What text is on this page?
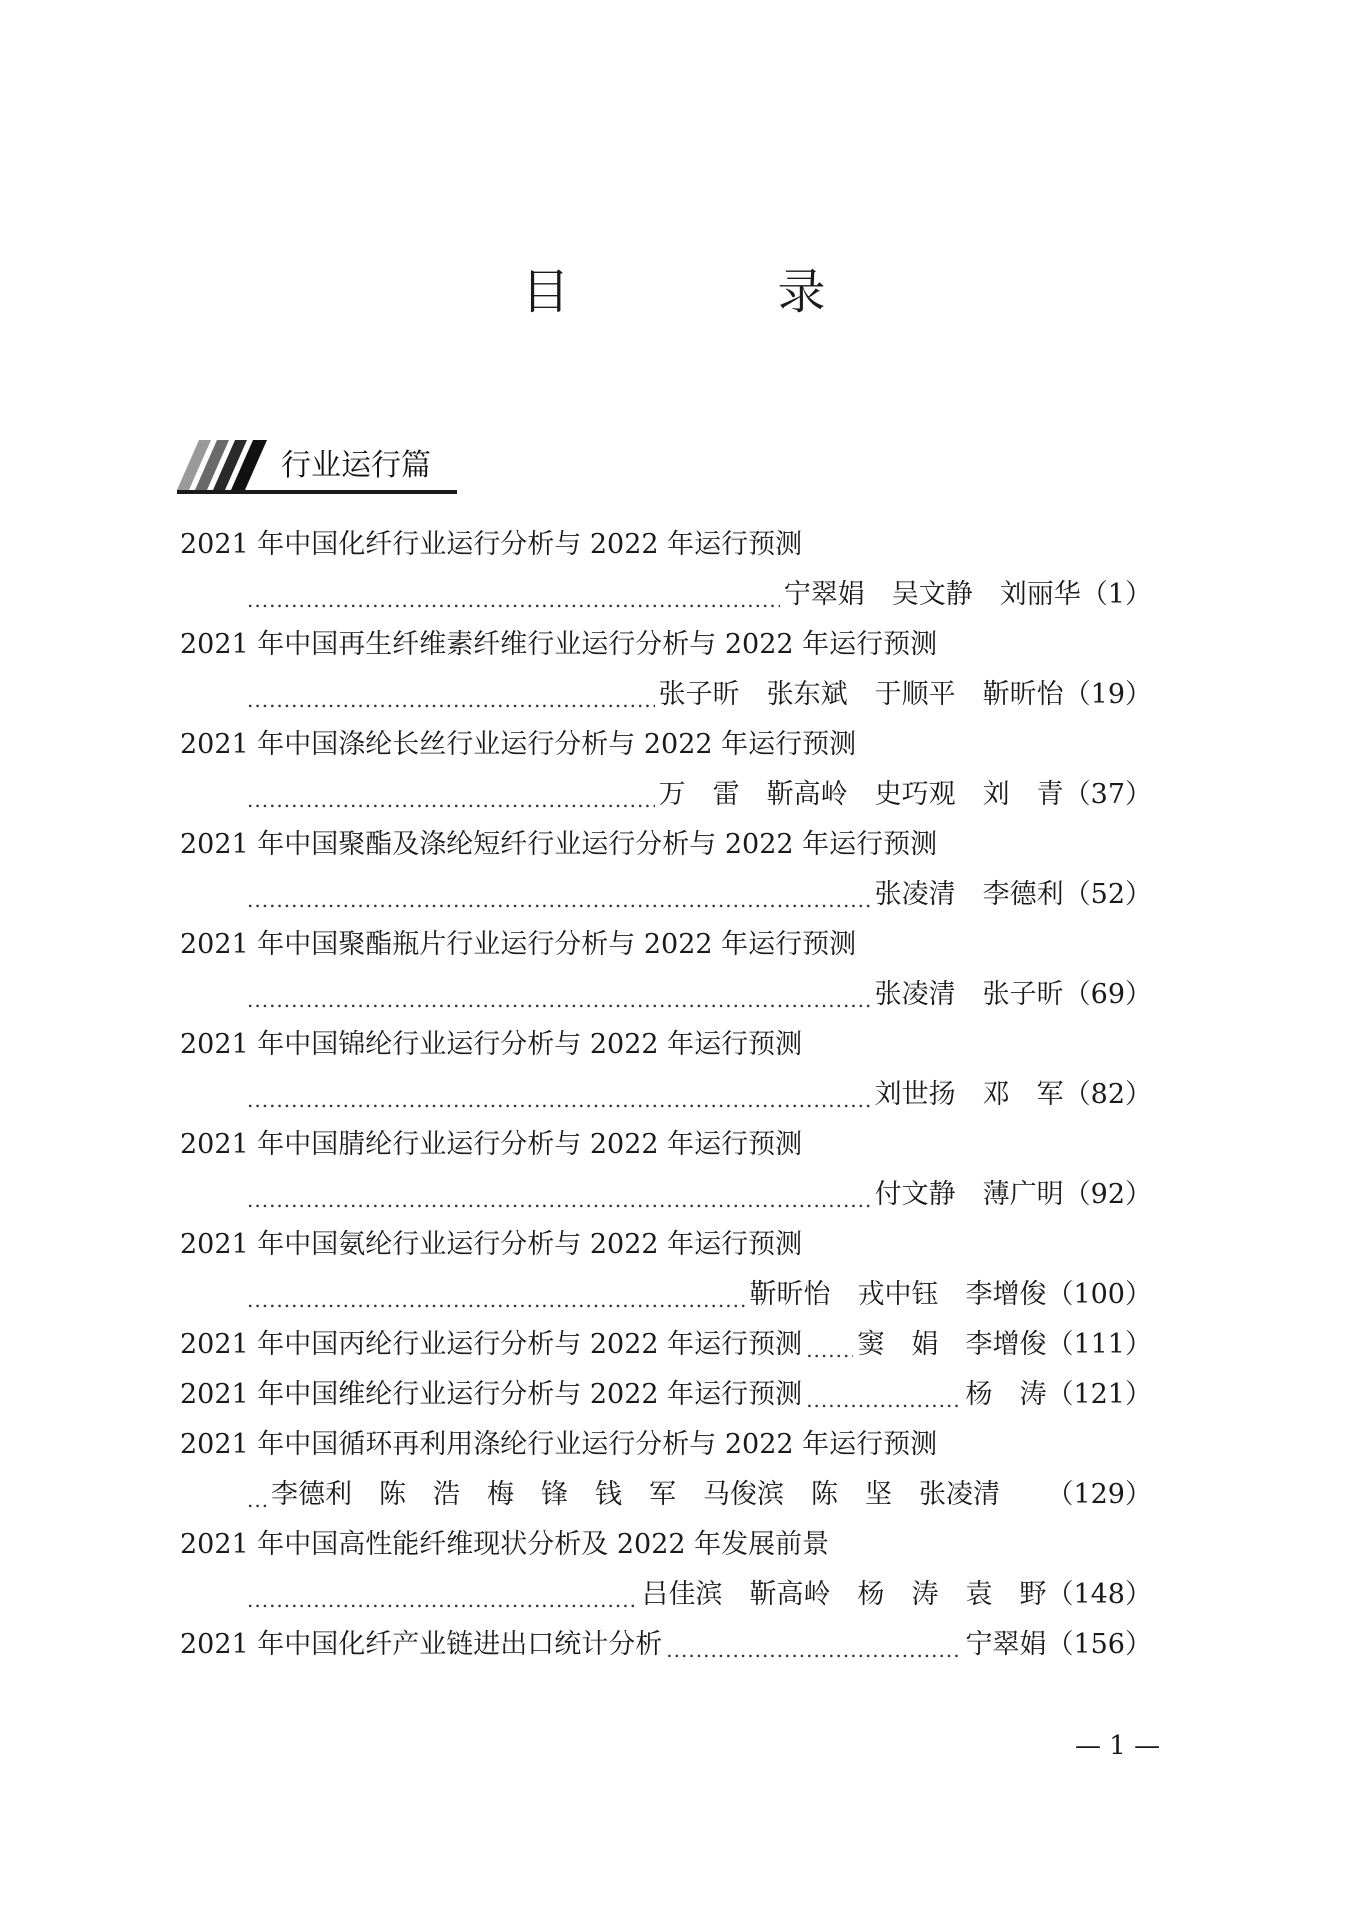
目　录
行业运行篇
2021 年中国化纤行业运行分析与 2022 年运行预测
.....
宁翠娟　吴文静　刘丽华 （1）
2021 年中国再生纤维素纤维行业运行分析与 2022 年运行预测
.....
张子昕　张东斌　于顺平　靳昕怡 （19）
2021 年中国涤纶长丝行业运行分析与 2022 年运行预测
.....
万　雷　靳高岭　史巧观　刘　青 （37）
2021 年中国聚酯及涤纶短纤行业运行分析与 2022 年运行预测
.....
张凌清　李德利 （52）
2021 年中国聚酯瓶片行业运行分析与 2022 年运行预测
.....
张凌清　张子昕 （69）
2021 年中国锦纶行业运行分析与 2022 年运行预测
.....
刘世扬　邓　军 （82）
2021 年中国腈纶行业运行分析与 2022 年运行预测
.....
付文静　薄广明 （92）
2021 年中国氨纶行业运行分析与 2022 年运行预测
.....
靳昕怡　戎中钰　李增俊 （100）
2021 年中国丙纶行业运行分析与 2022 年运行预测 ..... 窦　娟　李增俊 （111）
2021 年中国维纶行业运行分析与 2022 年运行预测 .....	杨　涛 （121）
2021 年中国循环再利用涤纶行业运行分析与 2022 年运行预测
.....
李德利　陈　浩　梅　锋　钱　军　马俊滨　陈　坚　张凌清	（129）
2021 年中国高性能纤维现状分析及 2022 年发展前景
.....
吕佳滨　靳高岭　杨　涛　袁　野 （148）
2021 年中国化纤产业链进出口统计分析 .....	宁翠娟 （156）
— 1 —
